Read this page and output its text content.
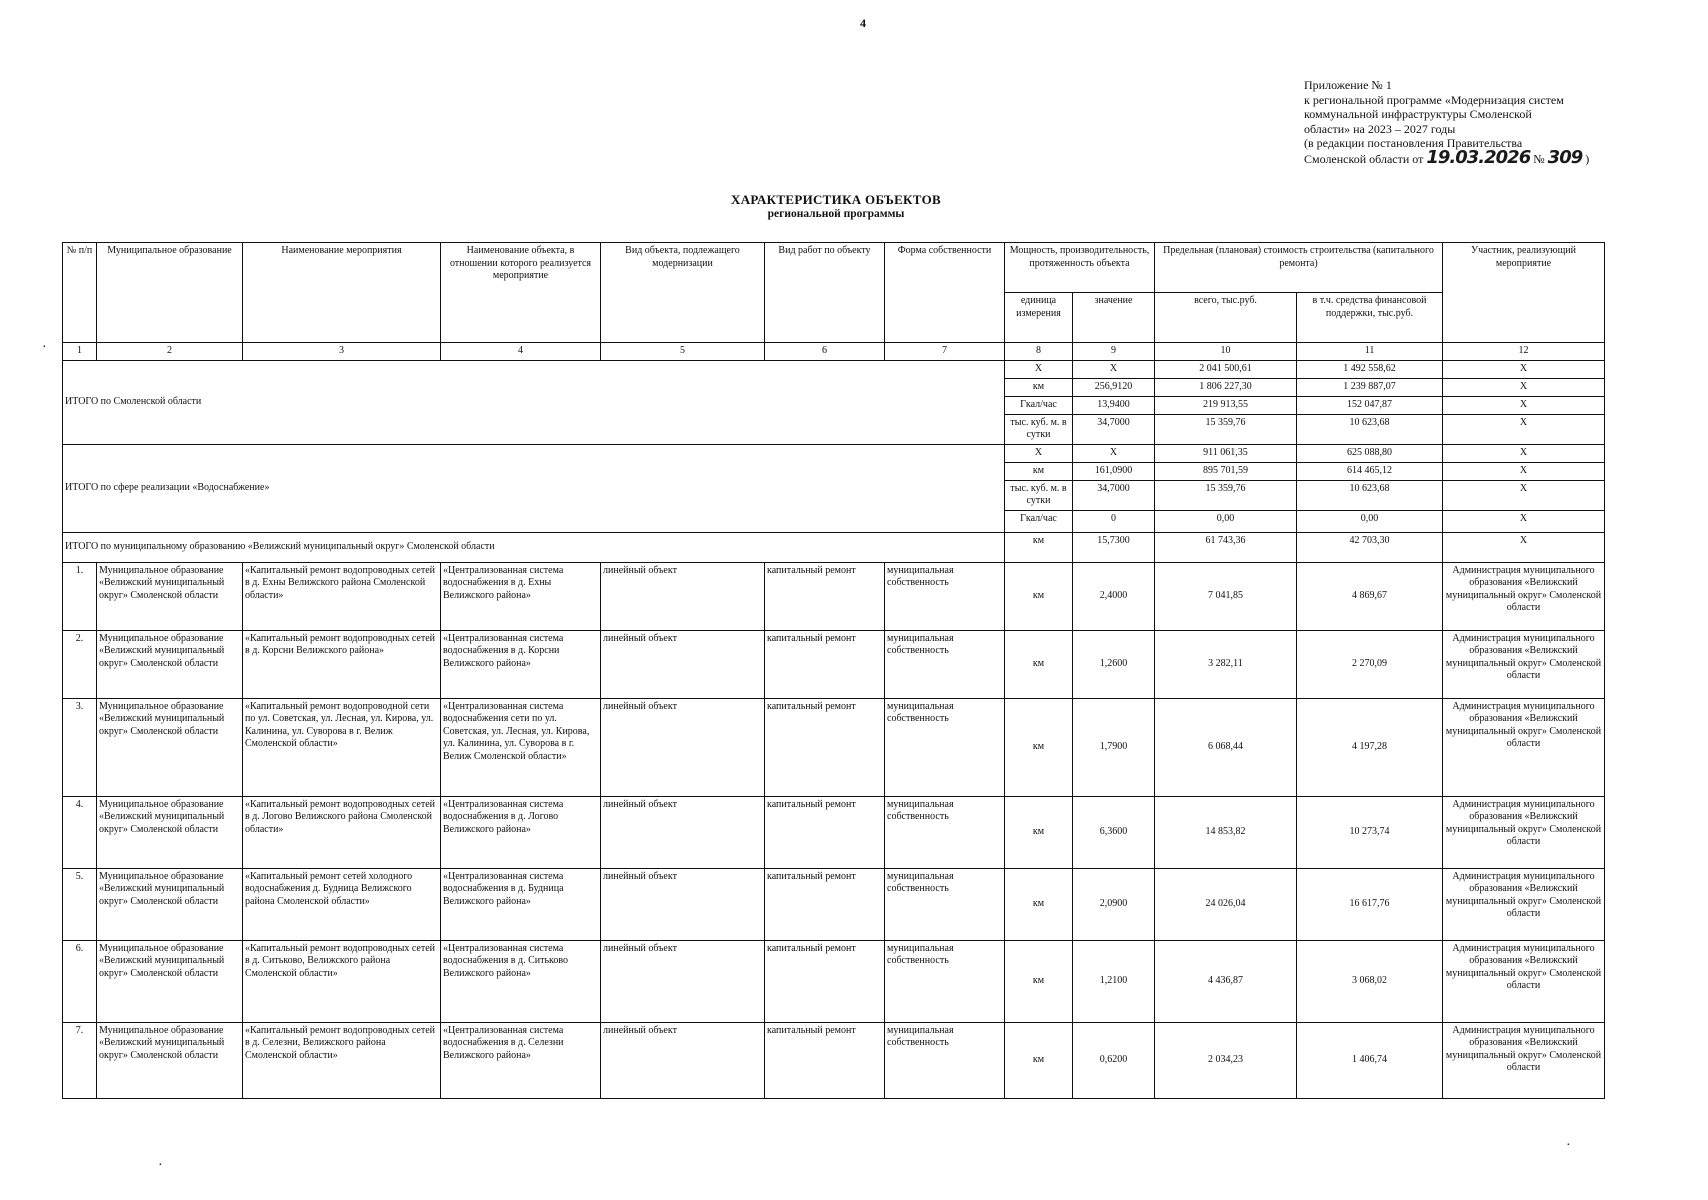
4
Приложение № 1
к региональной программе «Модернизация систем
коммунальной инфраструктуры Смоленской
области» на 2023 – 2027 годы
(в редакции постановления Правительства
Смоленской области от 19.03.2026 № 309 )
ХАРАКТЕРИСТИКА ОБЪЕКТОВ
региональной программы
·
·
·
№ п/п	Муниципальное образование	Наименование мероприятия	Наименование объекта, в отношении которого реализуется мероприятие	Вид объекта, подлежащего модернизации	Вид работ по объекту	Форма собственности	Мощность, производительность, протяженность объекта		Предельная (плановая) стоимость строительства (капитального ремонта)		Участник, реализующий мероприятие
							единица измерения	значение	всего, тыс.руб.	в т.ч. средства финансовой поддержки, тыс.руб.	
1	2	3	4	5	6	7	8	9	10	11	12
ИТОГО по Смоленской области							Х	Х	2 041 500,61	1 492 558,62	Х
							км	256,9120	1 806 227,30	1 239 887,07	Х
							Гкал/час	13,9400	219 913,55	152 047,87	Х
							тыс. куб. м. в сутки	34,7000	15 359,76	10 623,68	Х
ИТОГО по сфере реализации «Водоснабжение»							Х	Х	911 061,35	625 088,80	Х
							км	161,0900	895 701,59	614 465,12	Х
							тыс. куб. м. в сутки	34,7000	15 359,76	10 623,68	Х
							Гкал/час	0	0,00	0,00	Х
ИТОГО по муниципальному образованию «Велижский муниципальный округ» Смоленской области							км	15,7300	61 743,36	42 703,30	Х
1.	Муниципальное образование «Велижский муниципальный округ» Смоленской области	«Капитальный ремонт водопроводных сетей в д. Ехны Велижского района Смоленской области»	«Централизованная система водоснабжения в д. Ехны Велижского района»	линейный объект	капитальный ремонт	муниципальная собственность	км	2,4000	7 041,85	4 869,67	Администрация муниципального образования «Велижский муниципальный округ» Смоленской области
2.	Муниципальное образование «Велижский муниципальный округ» Смоленской области	«Капитальный ремонт водопроводных сетей в д. Корсни Велижского района»	«Централизованная система водоснабжения в д. Корсни Велижского района»	линейный объект	капитальный ремонт	муниципальная собственность	км	1,2600	3 282,11	2 270,09	Администрация муниципального образования «Велижский муниципальный округ» Смоленской области
3.	Муниципальное образование «Велижский муниципальный округ» Смоленской области	«Капитальный ремонт водопроводной сети по ул. Советская, ул. Лесная, ул. Кирова, ул. Калинина, ул. Суворова в г. Велиж Смоленской области»	«Централизованная система водоснабжения сети по ул. Советская, ул. Лесная, ул. Кирова, ул. Калинина, ул. Суворова в г. Велиж Смоленской области»	линейный объект	капитальный ремонт	муниципальная собственность	км	1,7900	6 068,44	4 197,28	Администрация муниципального образования «Велижский муниципальный округ» Смоленской области
4.	Муниципальное образование «Велижский муниципальный округ» Смоленской области	«Капитальный ремонт водопроводных сетей в д. Логово Велижского района Смоленской области»	«Централизованная система водоснабжения в д. Логово Велижского района»	линейный объект	капитальный ремонт	муниципальная собственность	км	6,3600	14 853,82	10 273,74	Администрация муниципального образования «Велижский муниципальный округ» Смоленской области
5.	Муниципальное образование «Велижский муниципальный округ» Смоленской области	«Капитальный ремонт сетей холодного водоснабжения д. Будница Велижского района Смоленской области»	«Централизованная система водоснабжения в д. Будница Велижского района»	линейный объект	капитальный ремонт	муниципальная собственность	км	2,0900	24 026,04	16 617,76	Администрация муниципального образования «Велижский муниципальный округ» Смоленской области
6.	Муниципальное образование «Велижский муниципальный округ» Смоленской области	«Капитальный ремонт водопроводных сетей в д. Ситьково, Велижского района Смоленской области»	«Централизованная система водоснабжения в д. Ситьково Велижского района»	линейный объект	капитальный ремонт	муниципальная собственность	км	1,2100	4 436,87	3 068,02	Администрация муниципального образования «Велижский муниципальный округ» Смоленской области
7.	Муниципальное образование «Велижский муниципальный округ» Смоленской области	«Капитальный ремонт водопроводных сетей в д. Селезни, Велижского района Смоленской области»	«Централизованная система водоснабжения в д. Селезни Велижского района»	линейный объект	капитальный ремонт	муниципальная собственность	км	0,6200	2 034,23	1 406,74	Администрация муниципального образования «Велижский муниципальный округ» Смоленской области
